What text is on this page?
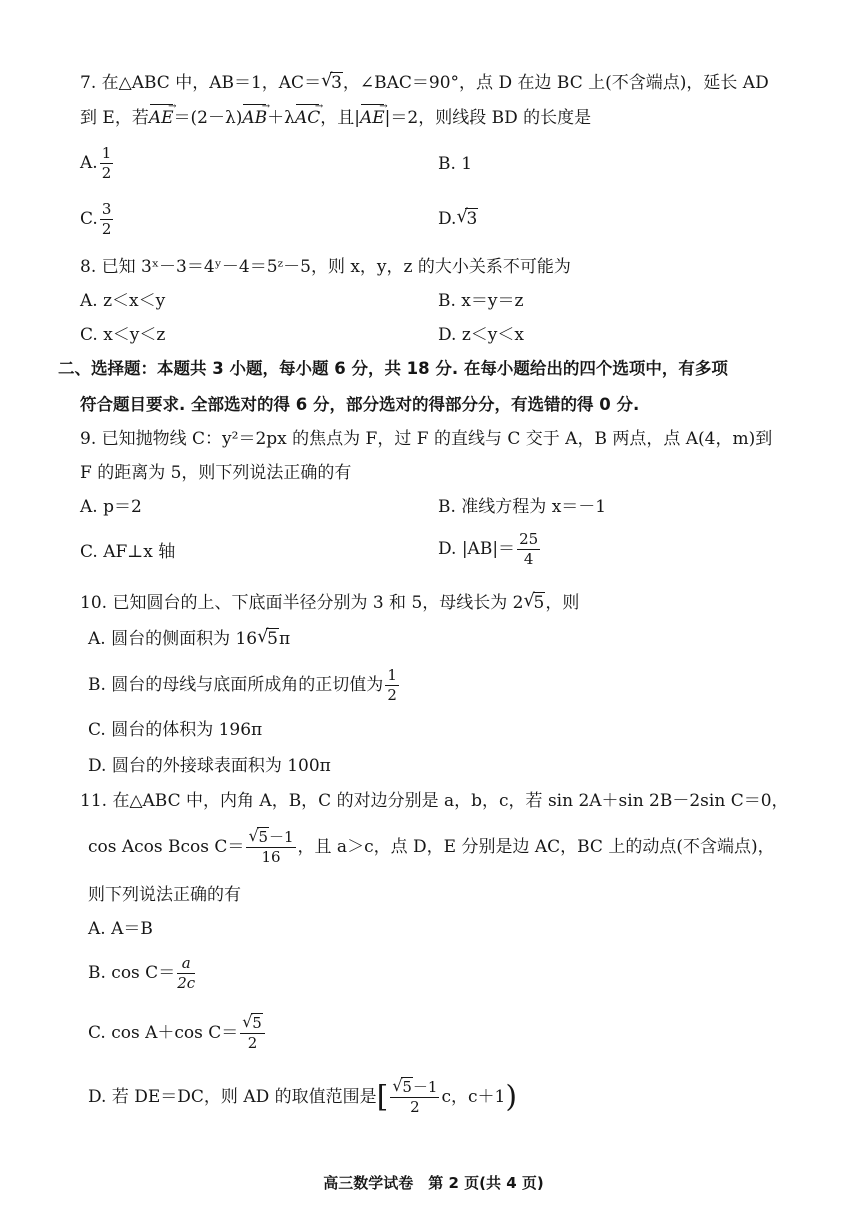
7. 在△ABC 中，AB＝1，AC＝ √ 3，∠BAC＝90°，点 D 在边 BC 上(不含端点)，延长 AD
到 E，若→ AE＝(2－λ)→ AB＋λ→ AC，且|→ AE|＝2，则线段 BD 的长度是
A. $\frac{1}{2}$	B. 1
C. $\frac{3}{2}$	D. √ 3
8. 已知 3ˣ－3＝4ʸ－4＝5ᶻ－5，则 x，y，z 的大小关系不可能为
A. z＜x＜y	B. x＝y＝z
C. x＜y＜z	D. z＜y＜x
二、选择题：本题共 3 小题，每小题 6 分，共 18 分. 在每小题给出的四个选项中，有多项
符合题目要求. 全部选对的得 6 分，部分选对的得部分分，有选错的得 0 分.
9. 已知抛物线 C：y²＝2px 的焦点为 F，过 F 的直线与 C 交于 A，B 两点，点 A(4，m)到
F 的距离为 5，则下列说法正确的有
A. p＝2	B. 准线方程为 x＝－1
C. AF⊥x 轴	D. $|AB|= \frac{25}{4}$
10. 已知圆台的上、下底面半径分别为 3 和 5，母线长为 2 √ 5，则
A. 圆台的侧面积为 16 √ 5π
B. 圆台的母线与底面所成角的正切值为 $\frac{1}{2}$
C. 圆台的体积为 196π
D. 圆台的外接球表面积为 100π
11. 在△ABC 中，内角 A，B，C 的对边分别是 a，b，c，若 sin 2A＋sin 2B－2sin C＝0，
cos Acos Bcos C＝ √ $\frac{5-1}{16}$ ，且 a＞c，点 D，E 分别是边 AC，BC 上的动点(不含端点)，
则下列说法正确的有
A. A＝B
B. $\cos C= \frac{a}{2c}$
C. cos A＋cos C＝ √ $\frac{5}{2}$
D. 若 DE＝DC，则 AD 的取值范围是[ √ $\frac{5-1}{2}$ c，c＋1)
高三数学试卷　第 2 页(共 4 页)
